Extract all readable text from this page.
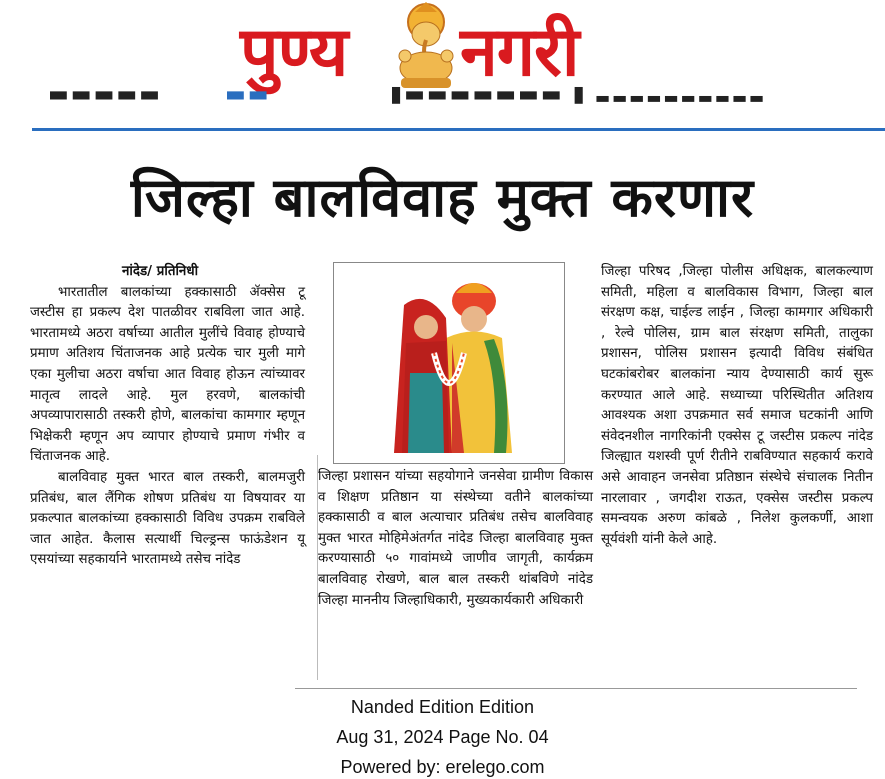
पुण्य नगरी
▬▬▬▬▬	▬▬	▮▬▬▬▬▬▬▬ ▮ ▬▬▬▬▬▬▬▬▬▬
जिल्हा बालविवाह मुक्त करणार

नांदेड/ प्रतिनिधी

भारतातील बालकांच्या हक्कासाठी ॲक्सेस टू जस्टीस हा प्रकल्प देश पातळीवर राबविला जात आहे. भारतामध्ये अठरा वर्षाच्या आतील मुलींचे विवाह होण्याचे प्रमाण अतिशय चिंताजनक आहे प्रत्येक चार मुली मागे एका मुलीचा अठरा वर्षाचा आत विवाह होऊन त्यांच्यावर मातृत्व लादले आहे. मुल हरवणे, बालकांची अपव्यापारासाठी तस्करी होणे, बालकांचा कामगार म्हणून भिक्षेकरी म्हणून अप व्यापार होण्याचे प्रमाण गंभीर व चिंताजनक आहे.

बालविवाह मुक्त भारत बाल तस्करी, बालमजुरी प्रतिबंध, बाल लैंगिक शोषण प्रतिबंध या विषयावर या प्रकल्पात बालकांच्या हक्कासाठी विविध उपक्रम राबविले जात आहेत. कैलास सत्यार्थी चिल्ड्रन्स फाऊंडेशन यू एसयांच्या सहकार्याने भारतामध्ये तसेच नांदेड

जिल्हा प्रशासन यांच्या सहयोगाने जनसेवा ग्रामीण विकास व शिक्षण प्रतिष्ठान या संस्थेच्या वतीने बालकांच्या हक्कासाठी व बाल अत्याचार प्रतिबंध तसेच बालविवाह मुक्त भारत मोहिमेअंतर्गत नांदेड जिल्हा बालविवाह मुक्त करण्यासाठी ५० गावांमध्ये जाणीव जागृती, कार्यक्रम बालविवाह रोखणे, बाल बाल तस्करी थांबविणे नांदेड जिल्हा माननीय जिल्हाधिकारी, मुख्यकार्यकारी अधिकारी

जिल्हा परिषद ,जिल्हा पोलीस अधिक्षक, बालकल्याण समिती, महिला व बालविकास विभाग, जिल्हा बाल संरक्षण कक्ष, चाईल्ड लाईन , जिल्हा कामगार अधिकारी , रेल्वे पोलिस, ग्राम बाल संरक्षण समिती, तालुका प्रशासन, पोलिस प्रशासन इत्यादी विविध संबंधित घटकांबरोबर बालकांना न्याय देण्यासाठी कार्य सुरू करण्यात आले आहे. सध्याच्या परिस्थितीत अतिशय आवश्यक अशा उपक्रमात सर्व समाज घटकांनी आणि संवेदनशील नागरिकांनी एक्सेस टू जस्टीस प्रकल्प नांदेड जिल्ह्यात यशस्वी पूर्ण रीतीने राबविण्यात सहकार्य करावे असे आवाहन जनसेवा प्रतिष्ठान संस्थेचे संचालक नितीन नारलावार , जगदीश राऊत, एक्सेस जस्टीस प्रकल्प समन्वयक अरुण कांबळे , निलेश कुलकर्णी, आशा सूर्यवंशी यांनी केले आहे.

Nanded Edition Edition
Aug 31, 2024 Page No. 04
Powered by: erelego.com
